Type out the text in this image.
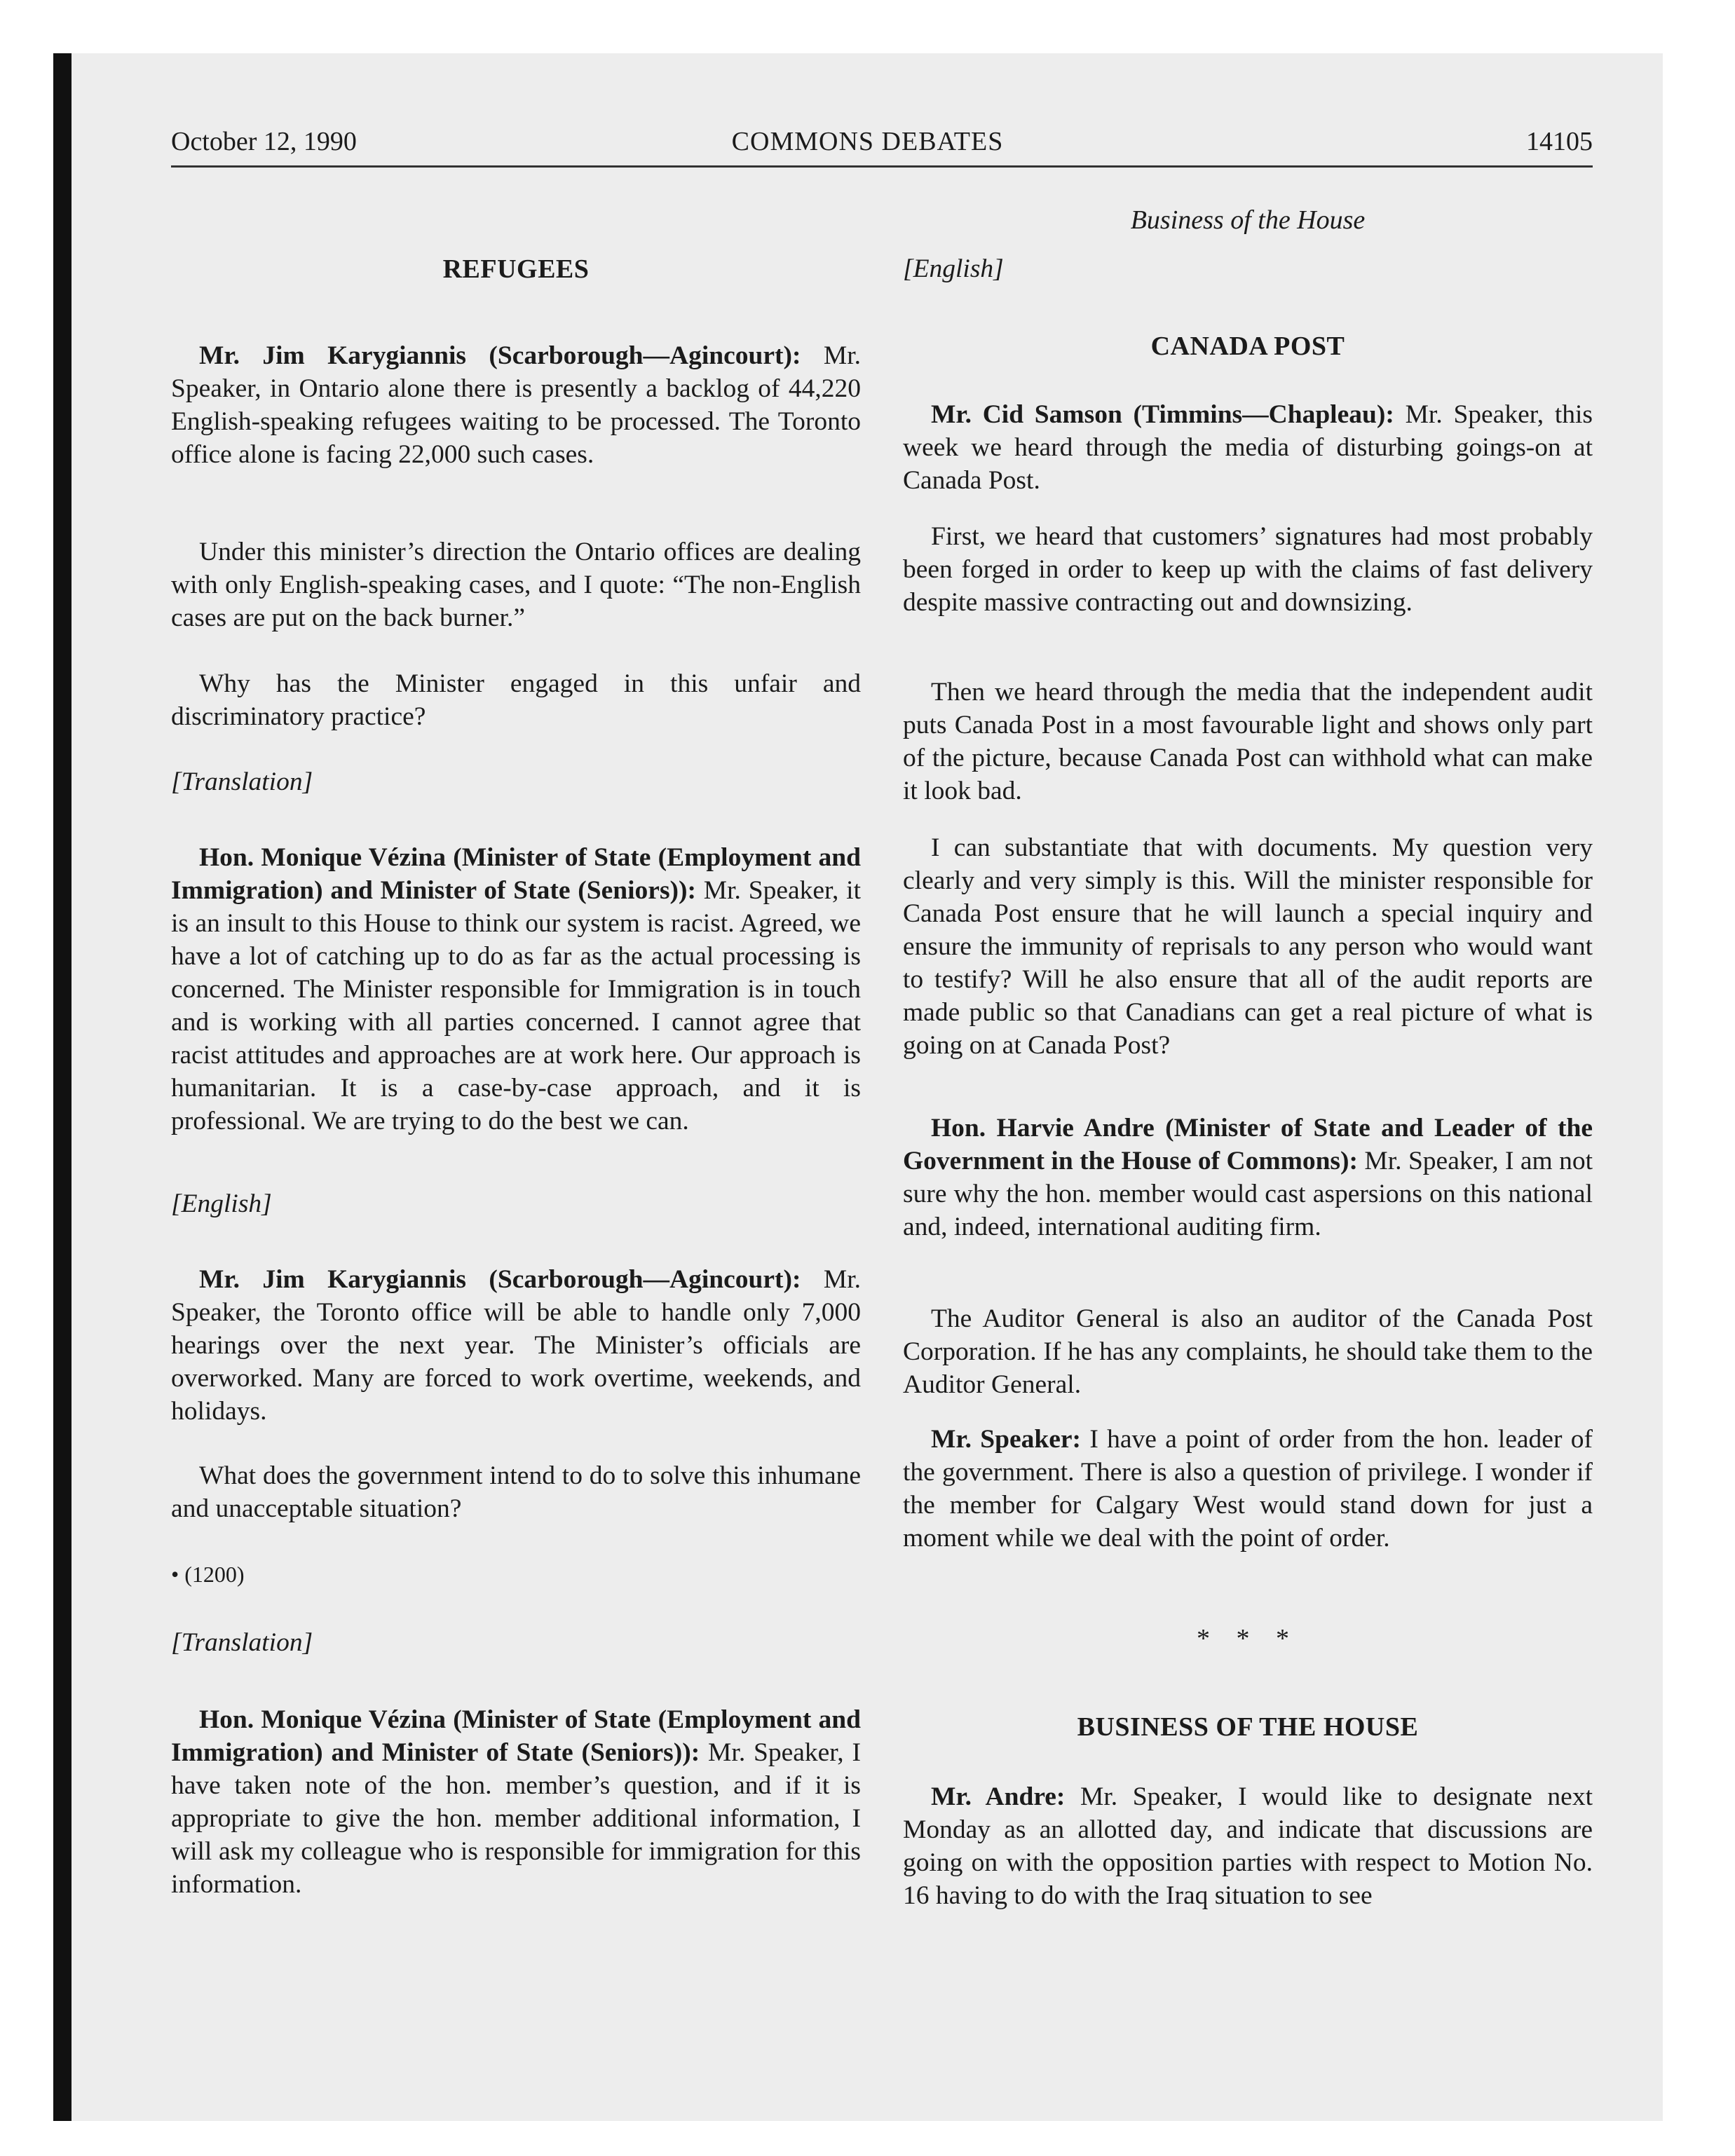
October 12, 1990	COMMONS DEBATES	14105
Business of the House

REFUGEES

Mr. Jim Karygiannis (Scarborough—Agincourt): Mr. Speaker, in Ontario alone there is presently a backlog of 44,220 English-speaking refugees waiting to be processed. The Toronto office alone is facing 22,000 such cases.

Under this minister’s direction the Ontario offices are dealing with only English-speaking cases, and I quote: “The non-English cases are put on the back burner.”

Why has the Minister engaged in this unfair and discriminatory practice?

[Translation]

Hon. Monique Vézina (Minister of State (Employment and Immigration) and Minister of State (Seniors)): Mr. Speaker, it is an insult to this House to think our system is racist. Agreed, we have a lot of catching up to do as far as the actual processing is concerned. The Minister responsible for Immigration is in touch and is working with all parties concerned. I cannot agree that racist attitudes and approaches are at work here. Our approach is humanitarian. It is a case-by-case approach, and it is professional. We are trying to do the best we can.

[English]

Mr. Jim Karygiannis (Scarborough—Agincourt): Mr. Speaker, the Toronto office will be able to handle only 7,000 hearings over the next year. The Minister’s officials are overworked. Many are forced to work overtime, weekends, and holidays.

What does the government intend to do to solve this inhumane and unacceptable situation?

• (1200)

[Translation]

Hon. Monique Vézina (Minister of State (Employment and Immigration) and Minister of State (Seniors)): Mr. Speaker, I have taken note of the hon. member’s question, and if it is appropriate to give the hon. member additional information, I will ask my colleague who is responsible for immigration for this information.

[English]

CANADA POST

Mr. Cid Samson (Timmins—Chapleau): Mr. Speaker, this week we heard through the media of disturbing goings-on at Canada Post.

First, we heard that customers’ signatures had most probably been forged in order to keep up with the claims of fast delivery despite massive contracting out and downsizing.

Then we heard through the media that the independent audit puts Canada Post in a most favourable light and shows only part of the picture, because Canada Post can withhold what can make it look bad.

I can substantiate that with documents. My question very clearly and very simply is this. Will the minister responsible for Canada Post ensure that he will launch a special inquiry and ensure the immunity of reprisals to any person who would want to testify? Will he also ensure that all of the audit reports are made public so that Canadians can get a real picture of what is going on at Canada Post?

Hon. Harvie Andre (Minister of State and Leader of the Government in the House of Commons): Mr. Speaker, I am not sure why the hon. member would cast aspersions on this national and, indeed, international auditing firm.

The Auditor General is also an auditor of the Canada Post Corporation. If he has any complaints, he should take them to the Auditor General.

Mr. Speaker: I have a point of order from the hon. leader of the government. There is also a question of privilege. I wonder if the member for Calgary West would stand down for just a moment while we deal with the point of order.

* * *

BUSINESS OF THE HOUSE

Mr. Andre: Mr. Speaker, I would like to designate next Monday as an allotted day, and indicate that discussions are going on with the opposition parties with respect to Motion No. 16 having to do with the Iraq situation to see
